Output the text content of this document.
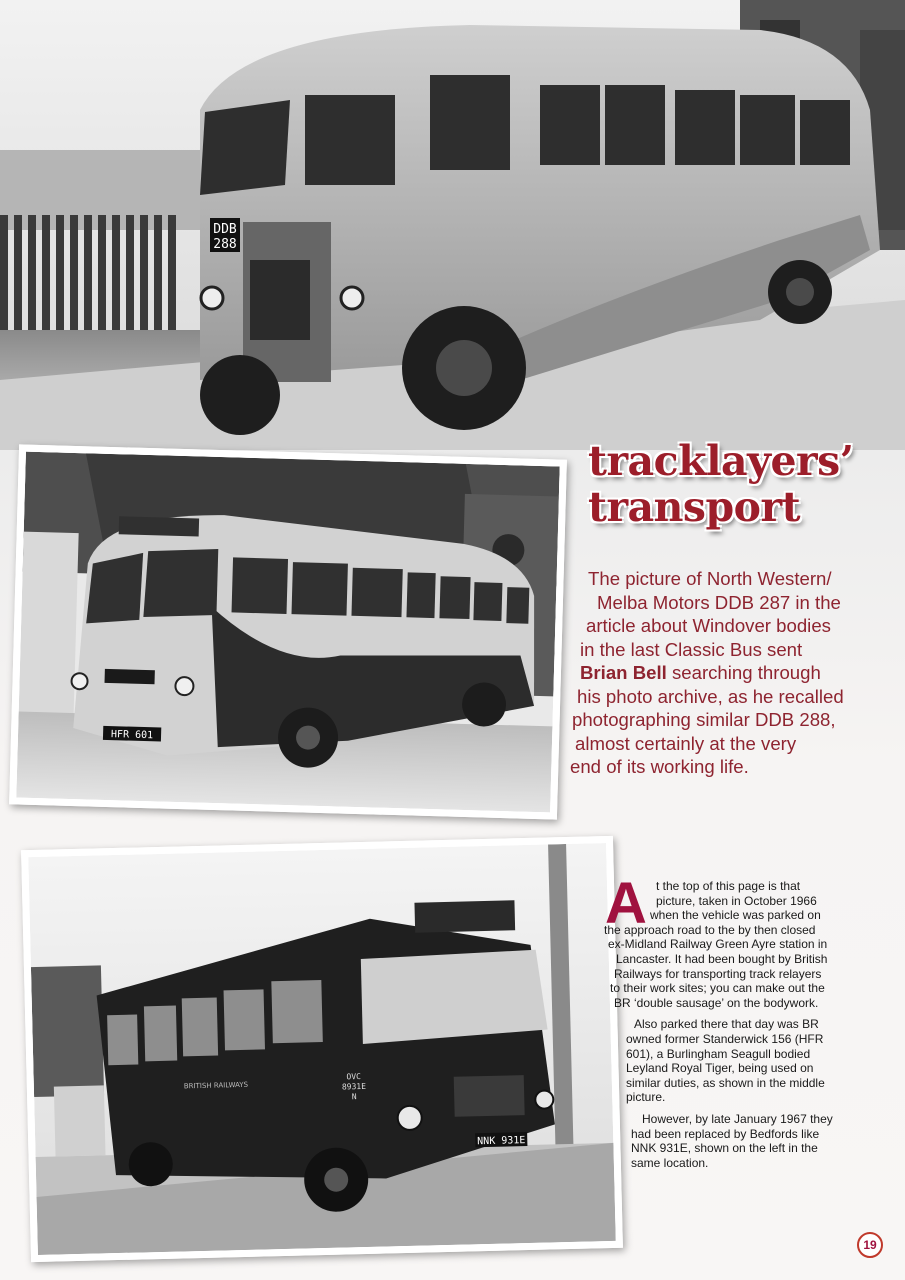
DDB
288
HFR 601
NNK 931E
BRITISH RAILWAYS
OVC
8931E
N
tracklayers’
transport
The picture of North Western/
Melba Motors DDB 287 in the
article about Windover bodies
in the last Classic Bus sent
Brian Bell searching through
his photo archive, as he recalled
photographing similar DDB 288,
almost certainly at the very
end of its working life.
A t the top of this page is that
picture, taken in October 1966
when the vehicle was parked on
the approach road to the by then closed
ex-Midland Railway Green Ayre station in
Lancaster. It had been bought by British
Railways for transporting track relayers
to their work sites; you can make out the
BR ‘double sausage’ on the bodywork.
Also parked there that day was BR
owned former Standerwick 156 (HFR
601), a Burlingham Seagull bodied
Leyland Royal Tiger, being used on
similar duties, as shown in the middle
picture.
However, by late January 1967 they
had been replaced by Bedfords like
NNK 931E, shown on the left in the
same location.
19
